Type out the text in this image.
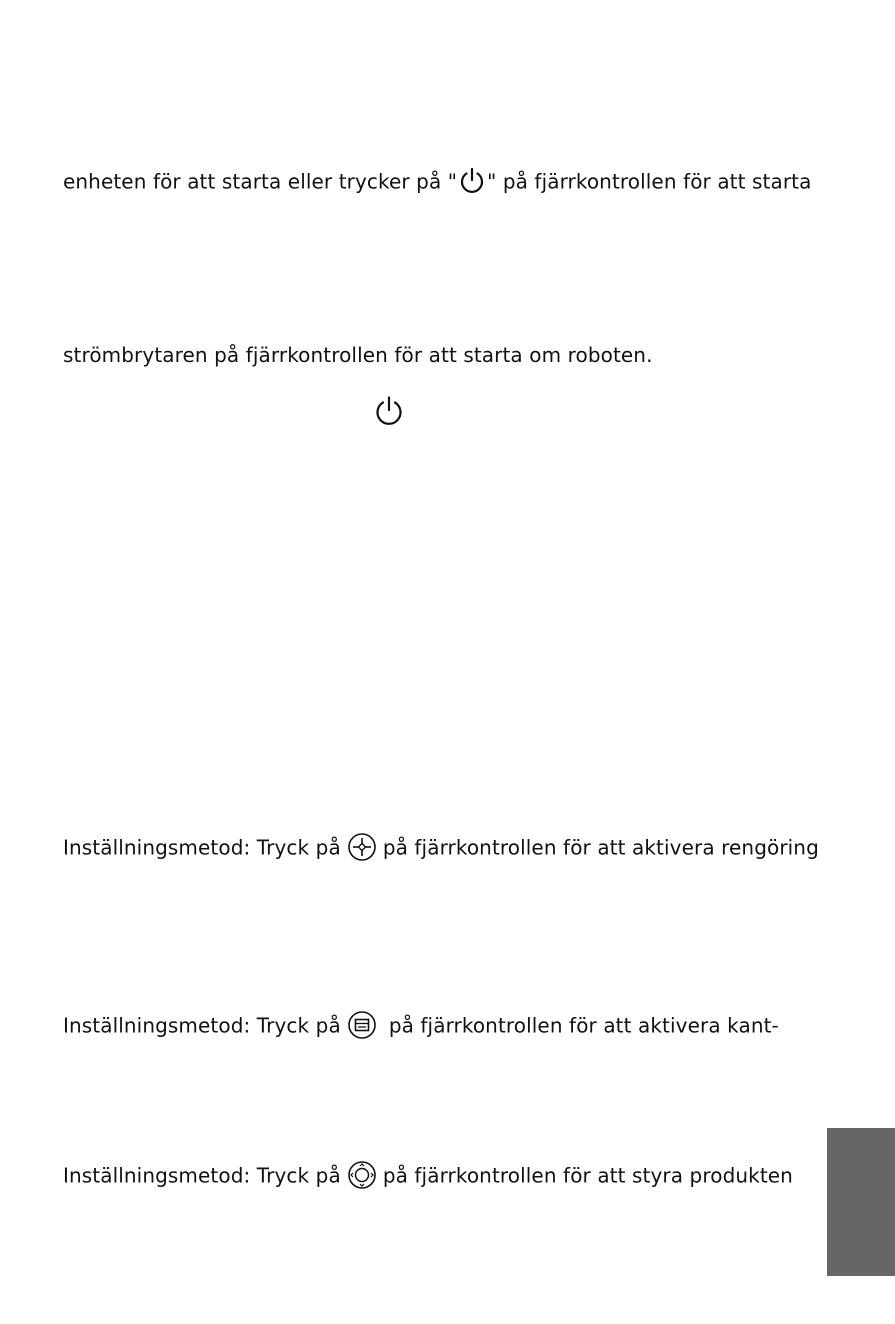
enheten för att starta eller trycker på " " på fjärrkontrollen för att starta
strömbrytaren på fjärrkontrollen för att starta om roboten.
Inställningsmetod: Tryck på på fjärrkontrollen för att aktivera rengöring
Inställningsmetod: Tryck på på fjärrkontrollen för att aktivera kant-
Inställningsmetod: Tryck på på fjärrkontrollen för att styra produkten
